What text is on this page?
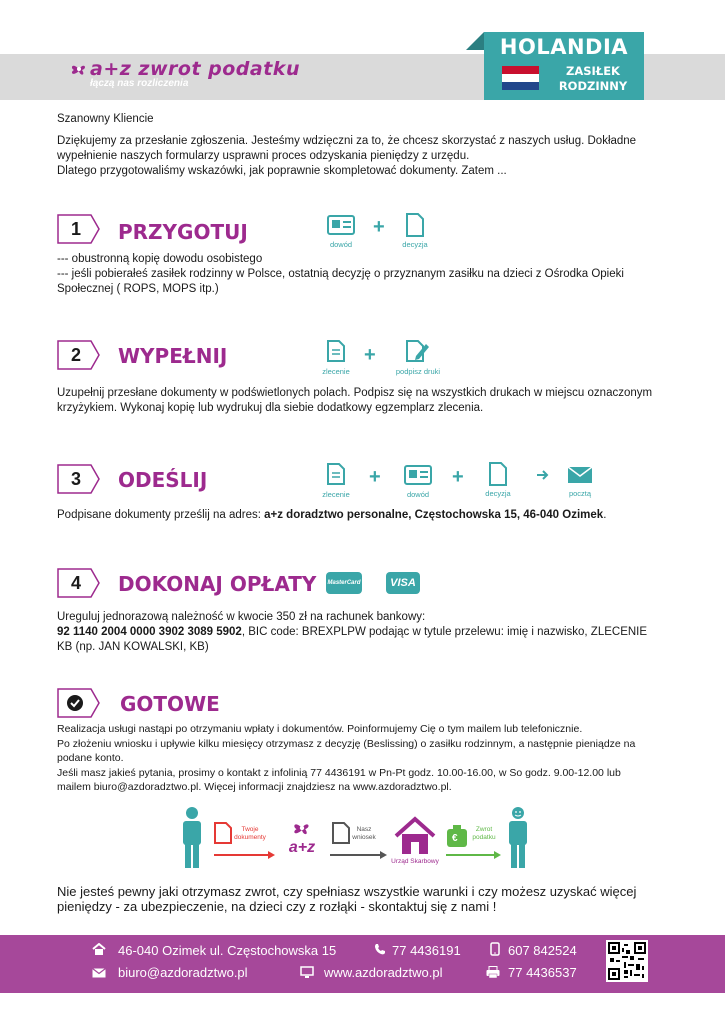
a+z zwrot podatku
łączą nas rozliczenia
HOLANDIA
ZASIŁEK
RODZINNY
Szanowny Kliencie
Dziękujemy za przesłanie zgłoszenia. Jesteśmy wdzięczni za to, że chcesz skorzystać z naszych usług. Dokładne
wypełnienie naszych formularzy usprawni proces odzyskania pieniędzy z urzędu.
Dlatego przygotowaliśmy wskazówki, jak poprawnie skompletować dokumenty. Zatem ...
1	PRZYGOTUJ
dowód
+
decyzja
--- obustronną kopię dowodu osobistego
--- jeśli pobierałeś zasiłek rodzinny w Polsce, ostatnią decyzję o przyznanym zasiłku na dzieci z Ośrodka Opieki
Społecznej ( ROPS, MOPS itp.)
2	WYPEŁNIJ
zlecenie
+
podpisz druki
Uzupełnij przesłane dokumenty w podświetlonych polach. Podpisz się na wszystkich drukach w miejscu oznaczonym
krzyżykiem. Wykonaj kopię lub wydrukuj dla siebie dodatkowy egzemplarz zlecenia.
3	ODEŚLIJ
zlecenie
+
dowód
+
decyzja	pocztą
Podpisane dokumenty prześlij na adres: a+z doradztwo personalne, Częstochowska 15, 46-040 Ozimek.
4	DOKONAJ OPŁATY MasterCard	VISA
Ureguluj jednorazową należność w kwocie 350 zł na rachunek bankowy:
92 1140 2004 0000 3902 3089 5902, BIC code: BREXPLPW podając w tytule przelewu: imię i nazwisko, ZLECENIE
KB (np. JAN KOWALSKI, KB)
GOTOWE
Realizacja usługi nastąpi po otrzymaniu wpłaty i dokumentów. Poinformujemy Cię o tym mailem lub telefonicznie.
Po złożeniu wniosku i upływie kilku miesięcy otrzymasz z decyzję (Beslissing) o zasiłku rodzinnym, a następnie pieniądze na
podane konto.
Jeśli masz jakieś pytania, prosimy o kontakt z infolinią 77 4436191 w Pn-Pt godz. 10.00-16.00, w So godz. 9.00-12.00 lub
mailem biuro@azdoradztwo.pl. Więcej informacji znajdziesz na www.azdoradztwo.pl.
Twoje dokumenty
a+z
Nasz wniosek
Urząd Skarbowy
€
Zwrot podatku
Nie jesteś pewny jaki otrzymasz zwrot, czy spełniasz wszystkie warunki i czy możesz uzyskać więcej
pieniędzy - za ubezpieczenie, na dzieci czy z rozłąki - skontaktuj się z nami !
46-040 Ozimek ul. Częstochowska 15	77 4436191	607 842524
biuro@azdoradztwo.pl	www.azdoradztwo.pl	77 4436537
